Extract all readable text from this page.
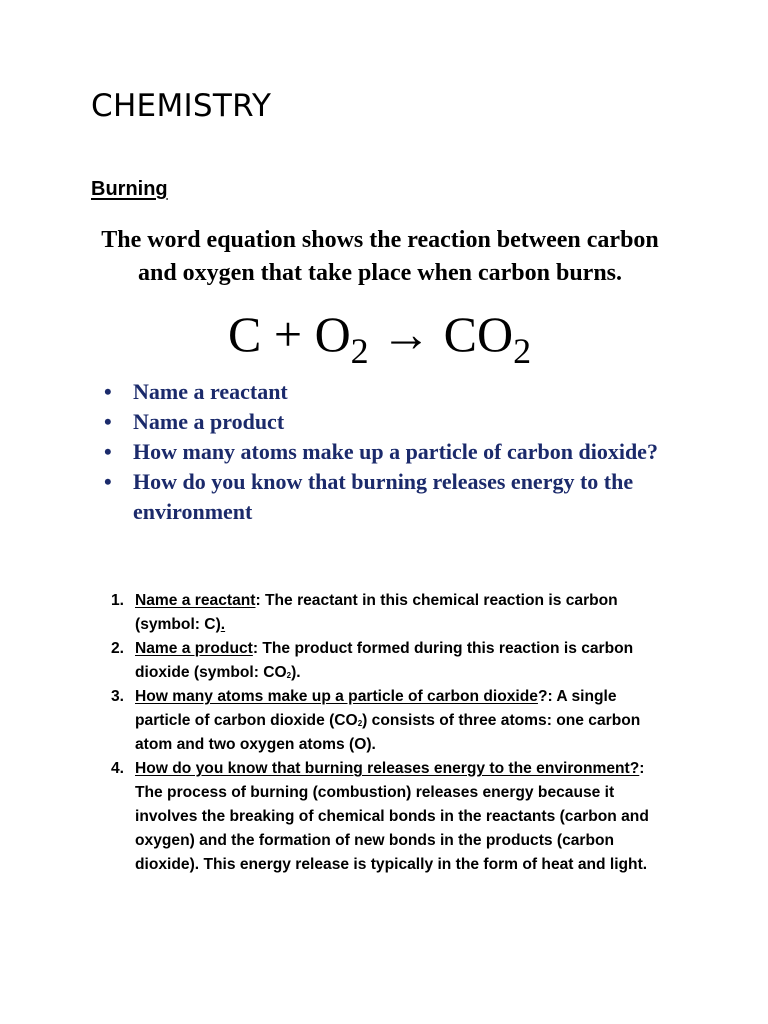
CHEMISTRY
Burning

The word equation shows the reaction between carbon and oxygen that take place when carbon burns.

$C + O_2 \to CO_2$
• Name a reactant
• Name a product
• How many atoms make up a particle of carbon dioxide?
• How do you know that burning releases energy to the environment
1. Name a reactant: The reactant in this chemical reaction is carbon (symbol: C).
2. Name a product: The product formed during this reaction is carbon dioxide (symbol: $CO_2$).
3. How many atoms make up a particle of carbon dioxide?: A single particle of carbon dioxide $(CO_2)$ consists of three atoms: one carbon atom and two oxygen atoms (O).
4. How do you know that burning releases energy to the environment?: The process of burning (combustion) releases energy because it involves the breaking of chemical bonds in the reactants (carbon and oxygen) and the formation of new bonds in the products (carbon dioxide). This energy release is typically in the form of heat and light.
